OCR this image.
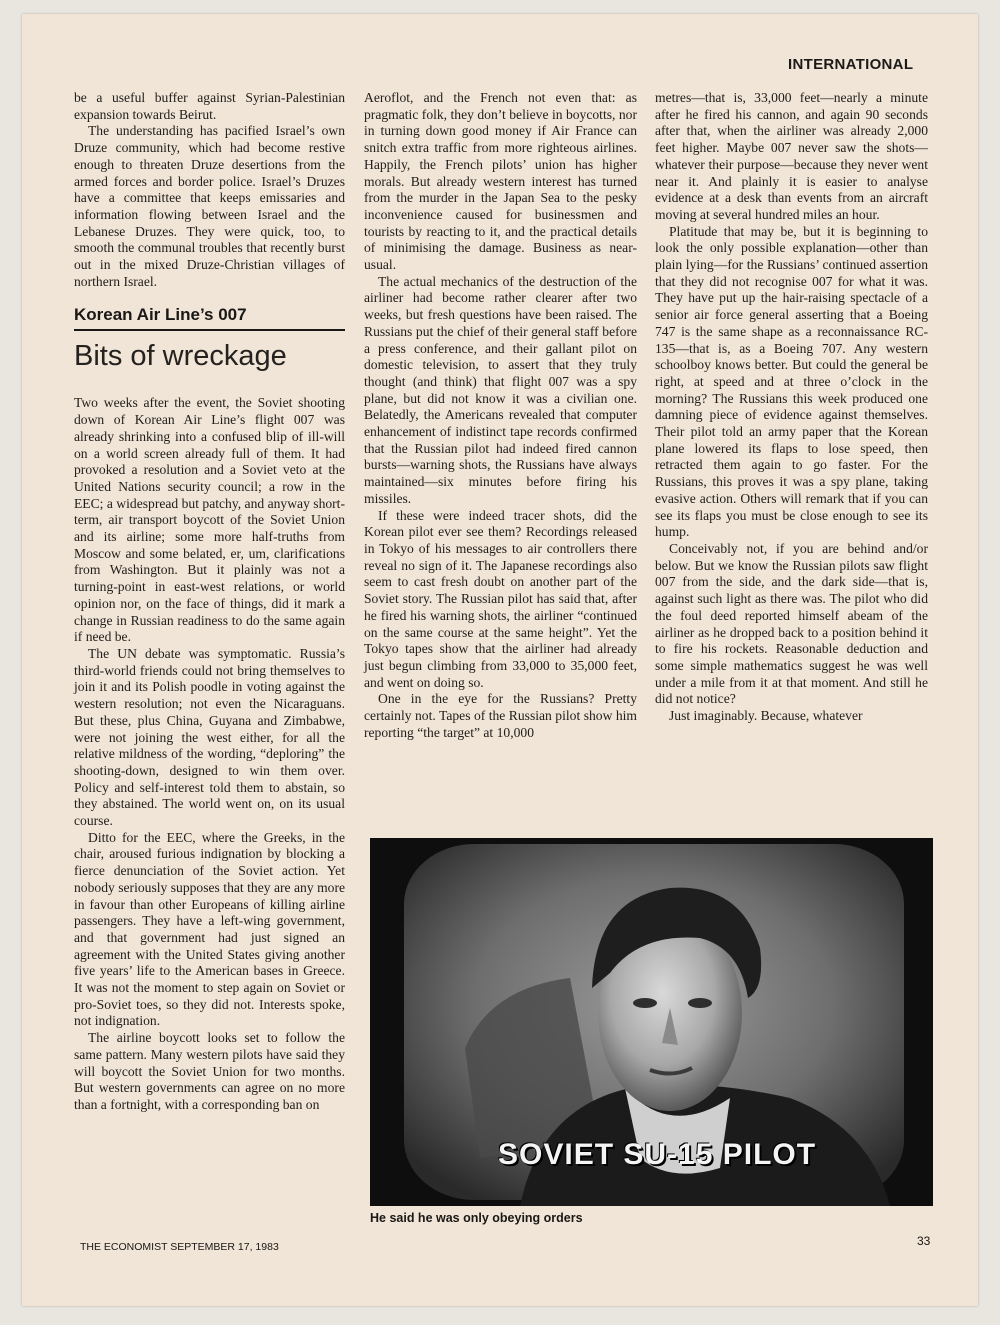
INTERNATIONAL

be a useful buffer against Syrian-Palestinian expansion towards Beirut.

The understanding has pacified Israel’s own Druze community, which had become restive enough to threaten Druze desertions from the armed forces and border police. Israel’s Druzes have a committee that keeps emissaries and information flowing between Israel and the Lebanese Druzes. They were quick, too, to smooth the communal troubles that recently burst out in the mixed Druze-Christian villages of northern Israel.

Korean Air Line’s 007
Bits of wreckage

Two weeks after the event, the Soviet shooting down of Korean Air Line’s flight 007 was already shrinking into a confused blip of ill-will on a world screen already full of them. It had provoked a resolution and a Soviet veto at the United Nations security council; a row in the EEC; a widespread but patchy, and anyway short-term, air transport boycott of the Soviet Union and its airline; some more half-truths from Moscow and some belated, er, um, clarifications from Washington. But it plainly was not a turning-point in east-west relations, or world opinion nor, on the face of things, did it mark a change in Russian readiness to do the same again if need be.

The UN debate was symptomatic. Russia’s third-world friends could not bring themselves to join it and its Polish poodle in voting against the western resolution; not even the Nicaraguans. But these, plus China, Guyana and Zimbabwe, were not joining the west either, for all the relative mildness of the wording, “deploring” the shooting-down, designed to win them over. Policy and self-interest told them to abstain, so they abstained. The world went on, on its usual course.

Ditto for the EEC, where the Greeks, in the chair, aroused furious indignation by blocking a fierce denunciation of the Soviet action. Yet nobody seriously supposes that they are any more in favour than other Europeans of killing airline passengers. They have a left-wing government, and that government had just signed an agreement with the United States giving another five years’ life to the American bases in Greece. It was not the moment to step again on Soviet or pro-Soviet toes, so they did not. Interests spoke, not indignation.

The airline boycott looks set to follow the same pattern. Many western pilots have said they will boycott the Soviet Union for two months. But western governments can agree on no more than a fortnight, with a corresponding ban on

Aeroflot, and the French not even that: as pragmatic folk, they don’t believe in boycotts, nor in turning down good money if Air France can snitch extra traffic from more righteous airlines. Happily, the French pilots’ union has higher morals. But already western interest has turned from the murder in the Japan Sea to the pesky inconvenience caused for businessmen and tourists by reacting to it, and the practical details of minimising the damage. Business as near-usual.

The actual mechanics of the destruction of the airliner had become rather clearer after two weeks, but fresh questions have been raised. The Russians put the chief of their general staff before a press conference, and their gallant pilot on domestic television, to assert that they truly thought (and think) that flight 007 was a spy plane, but did not know it was a civilian one. Belatedly, the Americans revealed that computer enhancement of indistinct tape records confirmed that the Russian pilot had indeed fired cannon bursts—warning shots, the Russians have always maintained—six minutes before firing his missiles.

If these were indeed tracer shots, did the Korean pilot ever see them? Recordings released in Tokyo of his messages to air controllers there reveal no sign of it. The Japanese recordings also seem to cast fresh doubt on another part of the Soviet story. The Russian pilot has said that, after he fired his warning shots, the airliner “continued on the same course at the same height”. Yet the Tokyo tapes show that the airliner had already just begun climbing from 33,000 to 35,000 feet, and went on doing so.

One in the eye for the Russians? Pretty certainly not. Tapes of the Russian pilot show him reporting “the target” at 10,000

metres—that is, 33,000 feet—nearly a minute after he fired his cannon, and again 90 seconds after that, when the airliner was already 2,000 feet higher. Maybe 007 never saw the shots—whatever their purpose—because they never went near it. And plainly it is easier to analyse evidence at a desk than events from an aircraft moving at several hundred miles an hour.

Platitude that may be, but it is beginning to look the only possible explanation—other than plain lying—for the Russians’ continued assertion that they did not recognise 007 for what it was. They have put up the hair-raising spectacle of a senior air force general asserting that a Boeing 747 is the same shape as a reconnaissance RC-135—that is, as a Boeing 707. Any western schoolboy knows better. But could the general be right, at speed and at three o’clock in the morning? The Russians this week produced one damning piece of evidence against themselves. Their pilot told an army paper that the Korean plane lowered its flaps to lose speed, then retracted them again to go faster. For the Russians, this proves it was a spy plane, taking evasive action. Others will remark that if you can see its flaps you must be close enough to see its hump.

Conceivably not, if you are behind and/or below. But we know the Russian pilots saw flight 007 from the side, and the dark side—that is, against such light as there was. The pilot who did the foul deed reported himself abeam of the airliner as he dropped back to a position behind it to fire his rockets. Reasonable deduction and some simple mathematics suggest he was well under a mile from it at that moment. And still he did not notice?

Just imaginably. Because, whatever

SOVIET SU-15 PILOT
He said he was only obeying orders
THE ECONOMIST SEPTEMBER 17, 1983	33
